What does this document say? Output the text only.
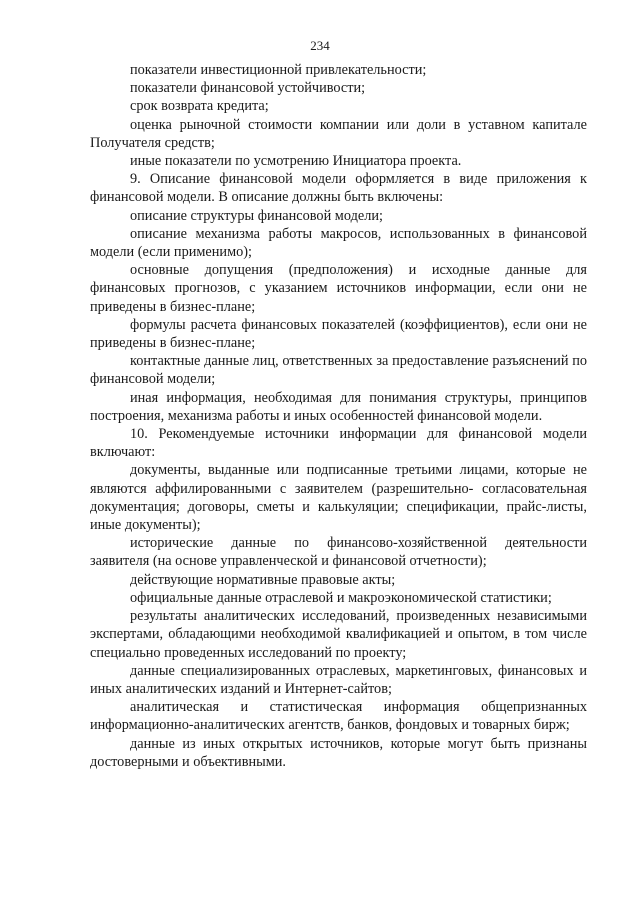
234

показатели инвестиционной привлекательности;

показатели финансовой устойчивости;

срок возврата кредита;

оценка рыночной стоимости компании или доли в уставном капитале Получателя средств;

иные показатели по усмотрению Инициатора проекта.

9. Описание финансовой модели оформляется в виде приложения к финансовой модели. В описание должны быть включены:

описание структуры финансовой модели;

описание механизма работы макросов, использованных в финансовой модели (если применимо);

основные допущения (предположения) и исходные данные для финансовых прогнозов, с указанием источников информации, если они не приведены в бизнес-плане;

формулы расчета финансовых показателей (коэффициентов), если они не приведены в бизнес-плане;

контактные данные лиц, ответственных за предоставление разъяснений по финансовой модели;

иная информация, необходимая для понимания структуры, принципов построения, механизма работы и иных особенностей финансовой модели.

10. Рекомендуемые источники информации для финансовой модели включают:

документы, выданные или подписанные третьими лицами, которые не являются аффилированными с заявителем (разрешительно- согласовательная документация; договоры, сметы и калькуляции; спецификации, прайс-листы, иные документы);

исторические данные по финансово-хозяйственной деятельности заявителя (на основе управленческой и финансовой отчетности);

действующие нормативные правовые акты;

официальные данные отраслевой и макроэкономической статистики;

результаты аналитических исследований, произведенных независимыми экспертами, обладающими необходимой квалификацией и опытом, в том числе специально проведенных исследований по проекту;

данные специализированных отраслевых, маркетинговых, финансовых и иных аналитических изданий и Интернет-сайтов;

аналитическая и статистическая информация общепризнанных информационно-аналитических агентств, банков, фондовых и товарных бирж;

данные из иных открытых источников, которые могут быть признаны достоверными и объективными.
